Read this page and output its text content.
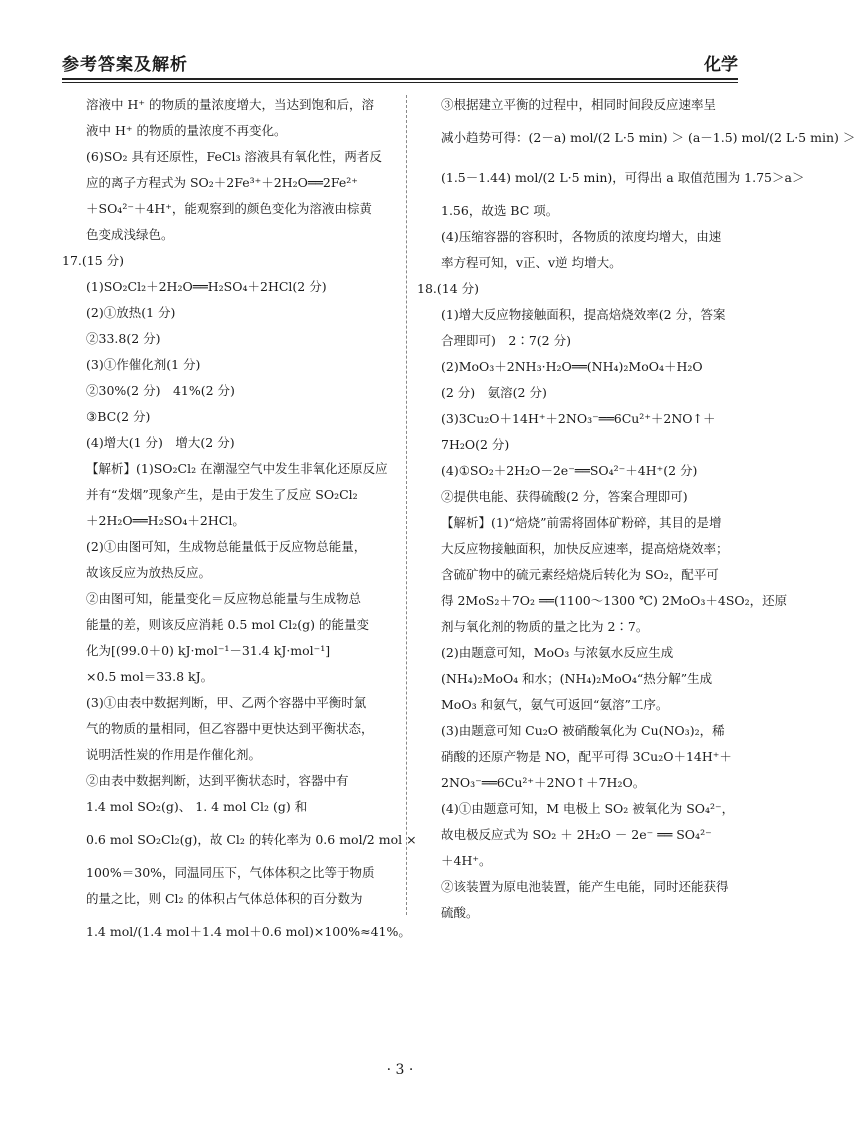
参考答案及解析	化学
溶液中 H⁺ 的物质的量浓度增大，当达到饱和后，溶
液中 H⁺ 的物质的量浓度不再变化。
(6)SO₂ 具有还原性，FeCl₃ 溶液具有氧化性，两者反
应的离子方程式为 SO₂＋2Fe³⁺＋2H₂O══2Fe²⁺
＋SO₄²⁻＋4H⁺，能观察到的颜色变化为溶液由棕黄
色变成浅绿色。
17.(15 分)
(1)SO₂Cl₂＋2H₂O══H₂SO₄＋2HCl(2 分)
(2)①放热(1 分)
②33.8(2 分)
(3)①作催化剂(1 分)
②30%(2 分)　41%(2 分)
③BC(2 分)
(4)增大(1 分)　增大(2 分)
【解析】(1)SO₂Cl₂ 在潮湿空气中发生非氧化还原反应
并有“发烟”现象产生，是由于发生了反应 SO₂Cl₂
＋2H₂O══H₂SO₄＋2HCl。
(2)①由图可知，生成物总能量低于反应物总能量，
故该反应为放热反应。
②由图可知，能量变化＝反应物总能量与生成物总
能量的差，则该反应消耗 0.5 mol Cl₂(g) 的能量变
化为[(99.0＋0) kJ·mol⁻¹－31.4 kJ·mol⁻¹]
×0.5 mol＝33.8 kJ。
(3)①由表中数据判断，甲、乙两个容器中平衡时氯
气的物质的量相同，但乙容器中更快达到平衡状态，
说明活性炭的作用是作催化剂。
②由表中数据判断，达到平衡状态时，容器中有
1.4 mol SO₂(g)、 1. 4 mol Cl₂ (g) 和
0.6 mol SO₂Cl₂(g)，故 Cl₂ 的转化率为 0.6 mol/2 mol ×
100%＝30%，同温同压下，气体体积之比等于物质
的量之比，则 Cl₂ 的体积占气体总体积的百分数为
1.4 mol/(1.4 mol＋1.4 mol＋0.6 mol)×100%≈41%。
③根据建立平衡的过程中，相同时间段反应速率呈
减小趋势可得：(2－a) mol/(2 L·5 min) ＞ (a－1.5) mol/(2 L·5 min) ＞
(1.5－1.44) mol/(2 L·5 min)，可得出 a 取值范围为 1.75＞a＞
1.56，故选 BC 项。
(4)压缩容器的容积时，各物质的浓度均增大，由速
率方程可知，v正、v逆 均增大。
18.(14 分)
(1)增大反应物接触面积，提高焙烧效率(2 分，答案
合理即可)　2∶7(2 分)
(2)MoO₃＋2NH₃·H₂O══(NH₄)₂MoO₄＋H₂O
(2 分)　氨溶(2 分)
(3)3Cu₂O＋14H⁺＋2NO₃⁻══6Cu²⁺＋2NO↑＋
7H₂O(2 分)
(4)①SO₂＋2H₂O－2e⁻══SO₄²⁻＋4H⁺(2 分)
②提供电能、获得硫酸(2 分，答案合理即可)
【解析】(1)“焙烧”前需将固体矿粉碎，其目的是增
大反应物接触面积，加快反应速率，提高焙烧效率；
含硫矿物中的硫元素经焙烧后转化为 SO₂，配平可
得 2MoS₂＋7O₂ ══(1100～1300 ℃) 2MoO₃＋4SO₂，还原
剂与氧化剂的物质的量之比为 2∶7。
(2)由题意可知，MoO₃ 与浓氨水反应生成
(NH₄)₂MoO₄ 和水；(NH₄)₂MoO₄“热分解”生成
MoO₃ 和氨气，氨气可返回“氨溶”工序。
(3)由题意可知 Cu₂O 被硝酸氧化为 Cu(NO₃)₂，稀
硝酸的还原产物是 NO，配平可得 3Cu₂O＋14H⁺＋
2NO₃⁻══6Cu²⁺＋2NO↑＋7H₂O。
(4)①由题意可知，M 电极上 SO₂ 被氧化为 SO₄²⁻，
故电极反应式为 SO₂ ＋ 2H₂O － 2e⁻ ══ SO₄²⁻
＋4H⁺。
②该装置为原电池装置，能产生电能，同时还能获得
硫酸。
· 3 ·
